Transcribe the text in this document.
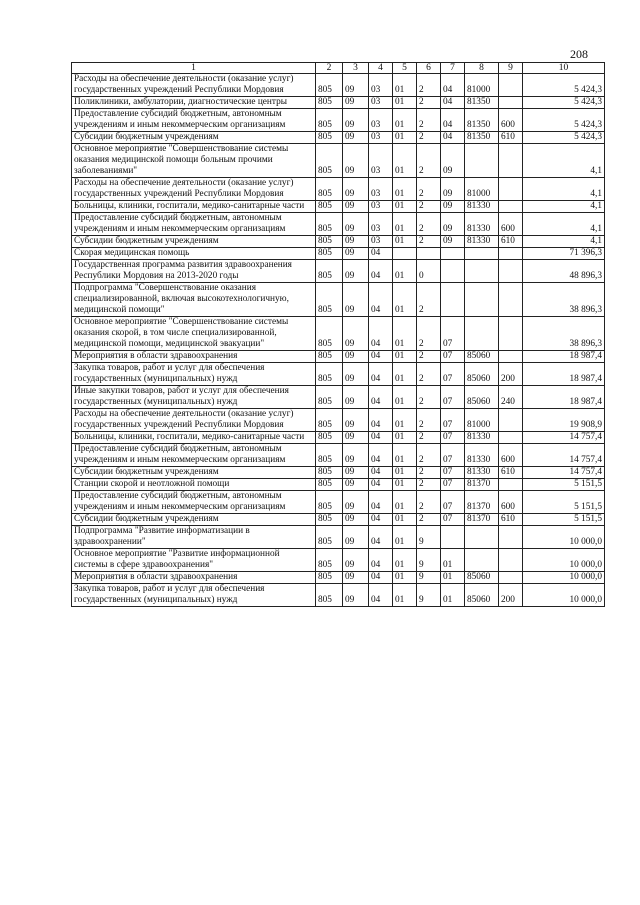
208
1	2	3	4	5	6	7	8	9	10
Расходы на обеспечение деятельности (оказание услуг) государственных учреждений Республики Мордовия	805	09	03	01	2	04	81000		5 424,3
Поликлиники, амбулатории, диагностические центры	805	09	03	01	2	04	81350		5 424,3
Предоставление субсидий бюджетным, автономным учреждениям и иным некоммерческим организациям	805	09	03	01	2	04	81350	600	5 424,3
Субсидии бюджетным учреждениям	805	09	03	01	2	04	81350	610	5 424,3
Основное мероприятие "Совершенствование системы оказания медицинской помощи больным прочими заболеваниями"	805	09	03	01	2	09			4,1
Расходы на обеспечение деятельности (оказание услуг) государственных учреждений Республики Мордовия	805	09	03	01	2	09	81000		4,1
Больницы, клиники, госпитали, медико-санитарные части	805	09	03	01	2	09	81330		4,1
Предоставление субсидий бюджетным, автономным учреждениям и иным некоммерческим организациям	805	09	03	01	2	09	81330	600	4,1
Субсидии бюджетным учреждениям	805	09	03	01	2	09	81330	610	4,1
Скорая медицинская помощь	805	09	04						71 396,3
Государственная программа развития здравоохранения Республики Мордовия на 2013-2020 годы	805	09	04	01	0				48 896,3
Подпрограмма "Совершенствование оказания специализированной, включая высокотехнологичную, медицинской помощи"	805	09	04	01	2				38 896,3
Основное мероприятие "Совершенствование системы оказания скорой, в том числе специализированной, медицинской помощи, медицинской эвакуации"	805	09	04	01	2	07			38 896,3
Мероприятия в области здравоохранения	805	09	04	01	2	07	85060		18 987,4
Закупка товаров, работ и услуг для обеспечения государственных (муниципальных) нужд	805	09	04	01	2	07	85060	200	18 987,4
Иные закупки товаров, работ и услуг для обеспечения государственных (муниципальных) нужд	805	09	04	01	2	07	85060	240	18 987,4
Расходы на обеспечение деятельности (оказание услуг) государственных учреждений Республики Мордовия	805	09	04	01	2	07	81000		19 908,9
Больницы, клиники, госпитали, медико-санитарные части	805	09	04	01	2	07	81330		14 757,4
Предоставление субсидий бюджетным, автономным учреждениям и иным некоммерческим организациям	805	09	04	01	2	07	81330	600	14 757,4
Субсидии бюджетным учреждениям	805	09	04	01	2	07	81330	610	14 757,4
Станции скорой и неотложной помощи	805	09	04	01	2	07	81370		5 151,5
Предоставление субсидий бюджетным, автономным учреждениям и иным некоммерческим организациям	805	09	04	01	2	07	81370	600	5 151,5
Субсидии бюджетным учреждениям	805	09	04	01	2	07	81370	610	5 151,5
Подпрограмма "Развитие информатизации в здравоохранении"	805	09	04	01	9				10 000,0
Основное мероприятие "Развитие информационной системы в сфере здравоохранения"	805	09	04	01	9	01			10 000,0
Мероприятия в области здравоохранения	805	09	04	01	9	01	85060		10 000,0
Закупка товаров, работ и услуг для обеспечения государственных (муниципальных) нужд	805	09	04	01	9	01	85060	200	10 000,0
